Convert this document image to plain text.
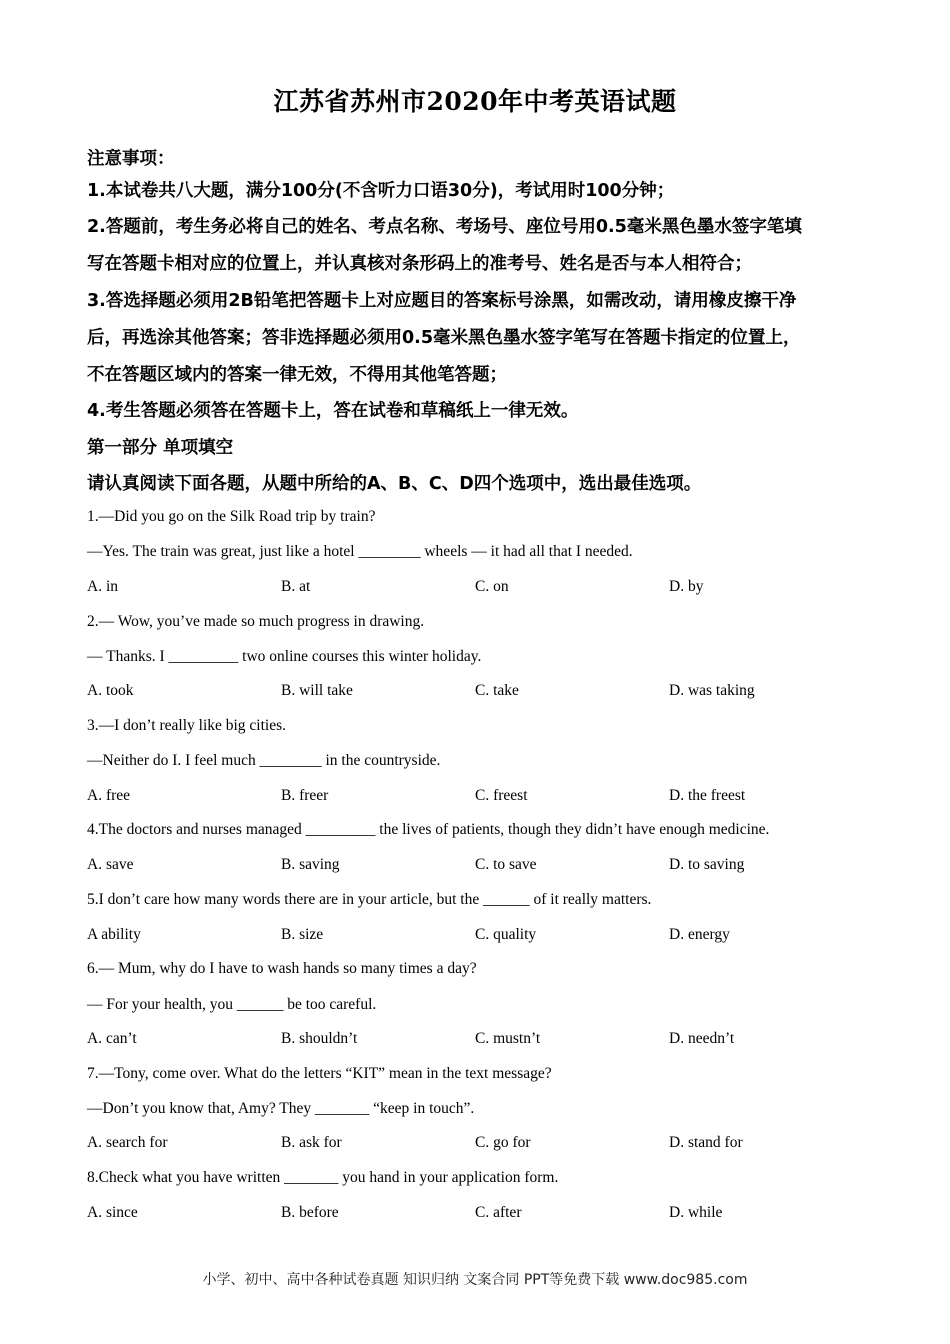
江苏省苏州市2020年中考英语试题
注意事项：
1.本试卷共八大题，满分100分(不含听力口语30分)，考试用时100分钟；
2.答题前，考生务必将自己的姓名、考点名称、考场号、座位号用0.5毫米黑色墨水签字笔填
写在答题卡相对应的位置上，并认真核对条形码上的准考号、姓名是否与本人相符合；
3.答选择题必须用2B铅笔把答题卡上对应题目的答案标号涂黑，如需改动，请用橡皮擦干净
后，再选涂其他答案；答非选择题必须用0.5毫米黑色墨水签字笔写在答题卡指定的位置上，
不在答题区域内的答案一律无效，不得用其他笔答题；
4.考生答题必须答在答题卡上，答在试卷和草稿纸上一律无效。
第一部分 单项填空
请认真阅读下面各题，从题中所给的A、B、C、D四个选项中，选出最佳选项。
1.—Did you go on the Silk Road trip by train?
—Yes. The train was great, just like a hotel ________ wheels — it had all that I needed.
A. in	B. at	C. on	D. by
2.— Wow, you’ve made so much progress in drawing.
— Thanks. I _________ two online courses this winter holiday.
A. took	B. will take	C. take	D. was taking
3.—I don’t really like big cities.
—Neither do I. I feel much ________ in the countryside.
A. free	B. freer	C. freest	D. the freest
4.The doctors and nurses managed _________ the lives of patients, though they didn’t have enough medicine.
A. save	B. saving	C. to save	D. to saving
5.I don’t care how many words there are in your article, but the ______ of it really matters.
A ability	B. size	C. quality	D. energy
6.— Mum, why do I have to wash hands so many times a day?
— For your health, you ______ be too careful.
A. can’t	B. shouldn’t	C. mustn’t	D. needn’t
7.—Tony, come over. What do the letters “KIT” mean in the text message?
—Don’t you know that, Amy? They _______ “keep in touch”.
A. search for	B. ask for	C. go for	D. stand for
8.Check what you have written _______ you hand in your application form.
A. since	B. before	C. after	D. while
小学、初中、高中各种试卷真题 知识归纳 文案合同 PPT等免费下载 www.doc985.com
